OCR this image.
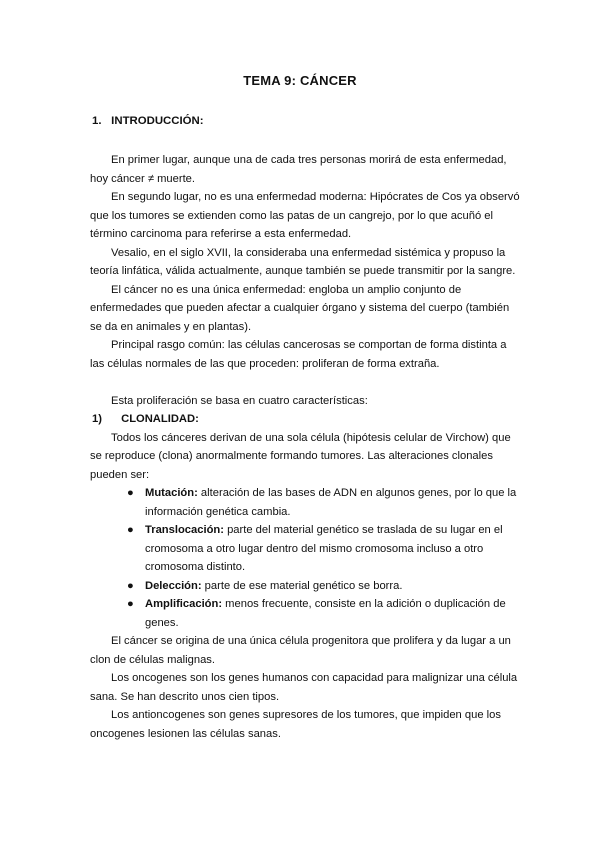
TEMA 9: CÁNCER
1. INTRODUCCIÓN:

En primer lugar, aunque una de cada tres personas morirá de esta enfermedad, hoy cáncer ≠ muerte.

En segundo lugar, no es una enfermedad moderna: Hipócrates de Cos ya observó que los tumores se extienden como las patas de un cangrejo, por lo que acuñó el término carcinoma para referirse a esta enfermedad.

Vesalio, en el siglo XVII, la consideraba una enfermedad sistémica y propuso la teoría linfática, válida actualmente, aunque también se puede transmitir por la sangre.

El cáncer no es una única enfermedad: engloba un amplio conjunto de enfermedades que pueden afectar a cualquier órgano y sistema del cuerpo (también se da en animales y en plantas).

Principal rasgo común: las células cancerosas se comportan de forma distinta a las células normales de las que proceden: proliferan de forma extraña.

Esta proliferación se basa en cuatro características:

1) CLONALIDAD:

Todos los cánceres derivan de una sola célula (hipótesis celular de Virchow) que se reproduce (clona) anormalmente formando tumores. Las alteraciones clonales pueden ser:

● Mutación: alteración de las bases de ADN en algunos genes, por lo que la información genética cambia.
● Translocación: parte del material genético se traslada de su lugar en el cromosoma a otro lugar dentro del mismo cromosoma incluso a otro cromosoma distinto.
● Delección: parte de ese material genético se borra.
● Amplificación: menos frecuente, consiste en la adición o duplicación de genes.

El cáncer se origina de una única célula progenitora que prolifera y da lugar a un clon de células malignas.

Los oncogenes son los genes humanos con capacidad para malignizar una célula sana. Se han descrito unos cien tipos.

Los antioncogenes son genes supresores de los tumores, que impiden que los oncogenes lesionen las células sanas.
